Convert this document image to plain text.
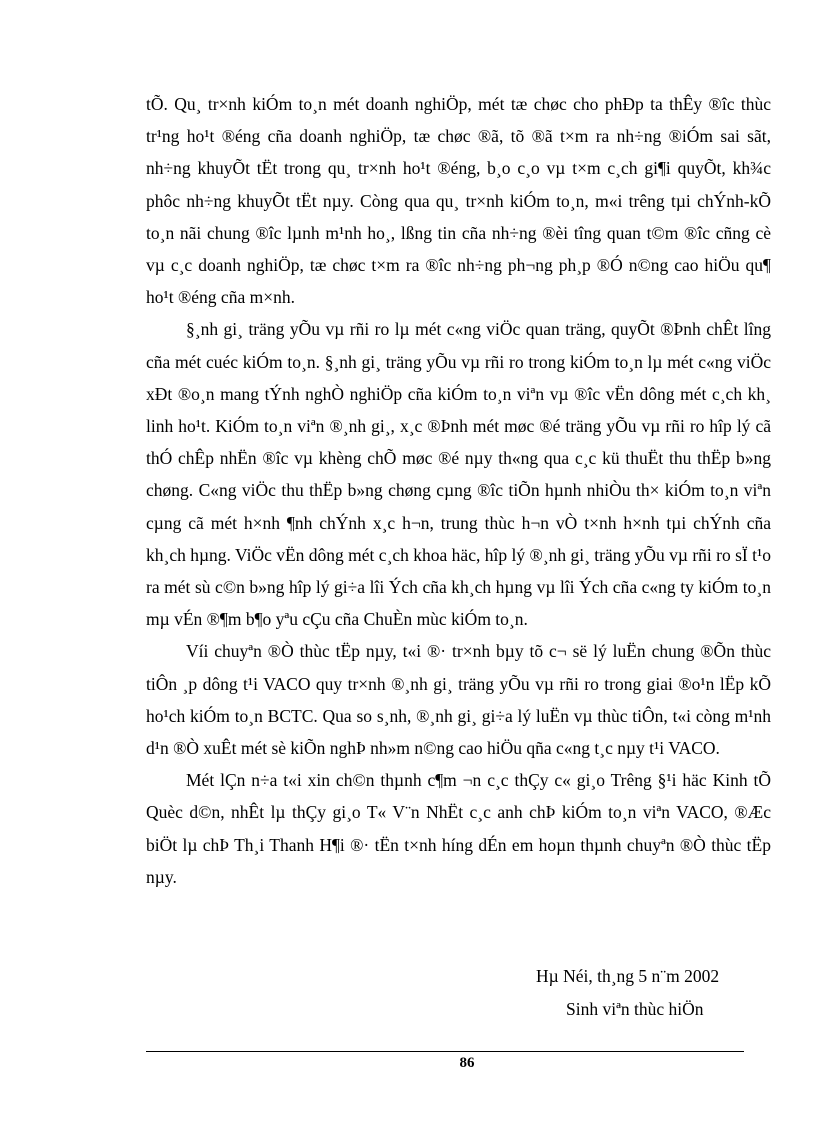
tÕ. Qu¸ tr×nh kiÓm to¸n mét doanh nghiÖp, mét tæ chøc cho phÐp ta thÊy ®îc thùc tr¹ng ho¹t ®éng cña doanh nghiÖp, tæ chøc ®ã, tõ ®ã t×m ra nh÷ng ®iÓm sai sãt, nh÷ng khuyÕt tËt trong qu¸ tr×nh ho¹t ®éng, b¸o c¸o vµ t×m c¸ch gi¶i quyÕt, kh¾c phôc nh÷ng khuyÕt tËt nµy. Còng qua qu¸ tr×nh kiÓm to¸n, m«i trêng tµi chÝnh-kÕ to¸n nãi chung ®îc lµnh m¹nh ho¸, lßng tin cña nh÷ng ®èi tîng quan t©m ®îc cñng cè vµ c¸c doanh nghiÖp, tæ chøc t×m ra ®îc nh÷ng ph¬ng ph¸p ®Ó n©ng cao hiÖu qu¶ ho¹t ®éng cña m×nh.

§¸nh gi¸ träng yÕu vµ rñi ro lµ mét c«ng viÖc quan träng, quyÕt ®Þnh chÊt lîng cña mét cuéc kiÓm to¸n. §¸nh gi¸ träng yÕu vµ rñi ro trong kiÓm to¸n lµ mét c«ng viÖc xÐt ®o¸n mang tÝnh nghÒ nghiÖp cña kiÓm to¸n viªn vµ ®îc vËn dông mét c¸ch kh¸ linh ho¹t. KiÓm to¸n viªn ®¸nh gi¸, x¸c ®Þnh mét møc ®é träng yÕu vµ rñi ro hîp lý cã thÓ chÊp nhËn ®îc vµ khèng chÕ møc ®é nµy th«ng qua c¸c kü thuËt thu thËp b»ng chøng. C«ng viÖc thu thËp b»ng chøng cµng ®îc tiÕn hµnh nhiÒu th× kiÓm to¸n viªn cµng cã mét h×nh ¶nh chÝnh x¸c h¬n, trung thùc h¬n vÒ t×nh h×nh tµi chÝnh cña kh¸ch hµng. ViÖc vËn dông mét c¸ch khoa häc, hîp lý ®¸nh gi¸ träng yÕu vµ rñi ro sÏ t¹o ra mét sù c©n b»ng hîp lý gi÷a lîi Ých cña kh¸ch hµng vµ lîi Ých cña c«ng ty kiÓm to¸n mµ vÉn ®¶m b¶o yªu cÇu cña ChuÈn mùc kiÓm to¸n.

Víi chuyªn ®Ò thùc tËp nµy, t«i ®· tr×nh bµy tõ c¬ së lý luËn chung ®Õn thùc tiÔn ¸p dông t¹i VACO quy tr×nh ®¸nh gi¸ träng yÕu vµ rñi ro trong giai ®o¹n lËp kÕ ho¹ch kiÓm to¸n BCTC. Qua so s¸nh, ®¸nh gi¸ gi÷a lý luËn vµ thùc tiÔn, t«i còng m¹nh d¹n ®Ò xuÊt mét sè kiÕn nghÞ nh»m n©ng cao hiÖu qña c«ng t¸c nµy t¹i VACO.

Mét lÇn n÷a t«i xin ch©n thµnh c¶m ¬n c¸c thÇy c« gi¸o Trêng §¹i häc Kinh tÕ Quèc d©n, nhÊt lµ thÇy gi¸o T« V¨n NhËt c¸c anh chÞ kiÓm to¸n viªn VACO, ®Æc biÖt lµ chÞ Th¸i Thanh H¶i ®· tËn t×nh híng dÉn em hoµn thµnh chuyªn ®Ò thùc tËp nµy.

Hµ Néi, th¸ng 5 n¨m 2002
Sinh viªn thùc hiÖn
86
